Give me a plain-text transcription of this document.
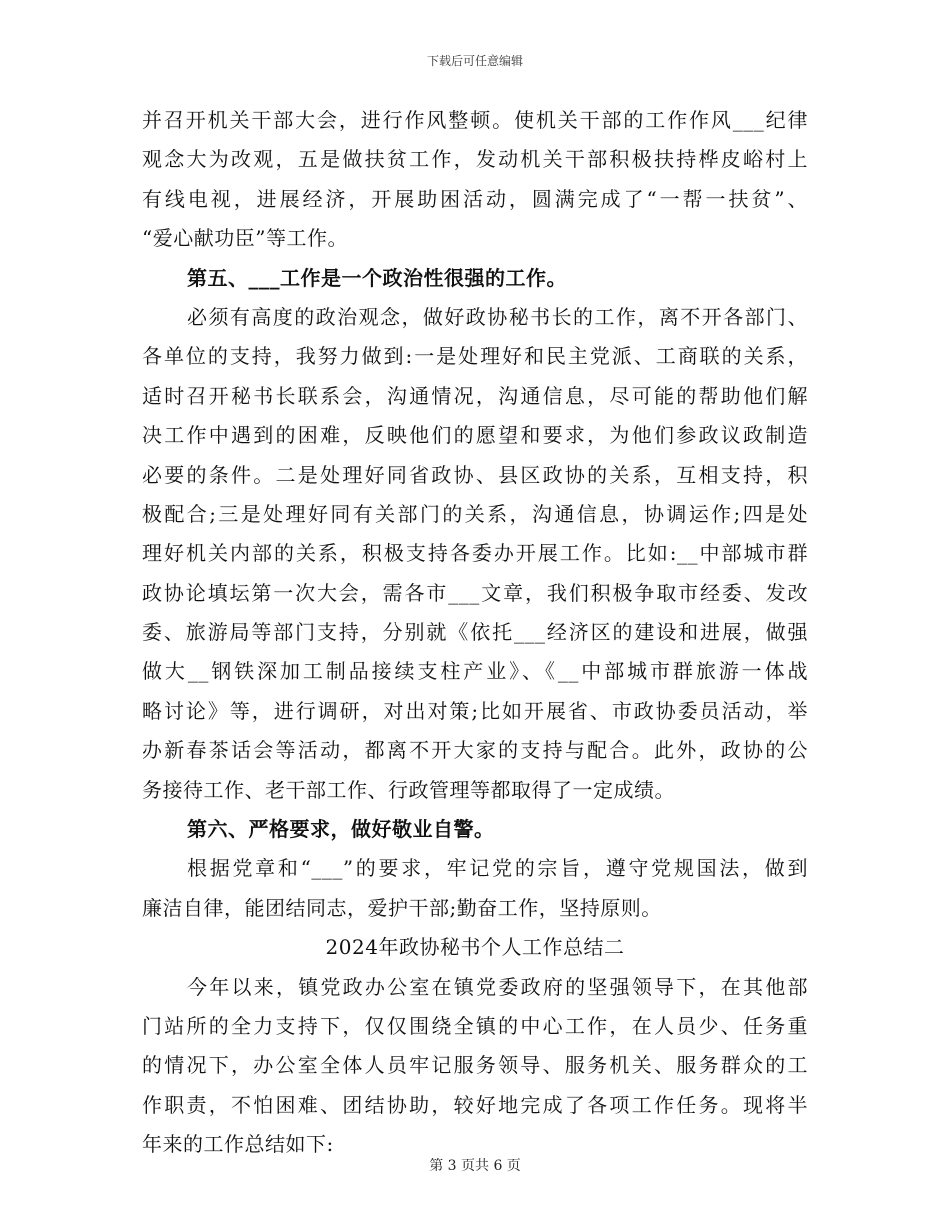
下载后可任意编辑
并召开机关干部大会，进行作风整顿。使机关干部的工作作风___纪律
观念大为改观，五是做扶贫工作，发动机关干部积极扶持桦皮峪村上
有线电视，进展经济，开展助困活动，圆满完成了“一帮一扶贫”、
“爱心献功臣”等工作。
第五、___工作是一个政治性很强的工作。
必须有高度的政治观念，做好政协秘书长的工作，离不开各部门、
各单位的支持，我努力做到:一是处理好和民主党派、工商联的关系，
适时召开秘书长联系会，沟通情况，沟通信息，尽可能的帮助他们解
决工作中遇到的困难，反映他们的愿望和要求，为他们参政议政制造
必要的条件。二是处理好同省政协、县区政协的关系，互相支持，积
极配合;三是处理好同有关部门的关系，沟通信息，协调运作;四是处
理好机关内部的关系，积极支持各委办开展工作。比如:__中部城市群
政协论填坛第一次大会，需各市___文章，我们积极争取市经委、发改
委、旅游局等部门支持，分别就《依托___经济区的建设和进展，做强
做大__钢铁深加工制品接续支柱产业》、《__中部城市群旅游一体战
略讨论》等，进行调研，对出对策;比如开展省、市政协委员活动，举
办新春茶话会等活动，都离不开大家的支持与配合。此外，政协的公
务接待工作、老干部工作、行政管理等都取得了一定成绩。
第六、严格要求，做好敬业自警。
根据党章和“___”的要求，牢记党的宗旨，遵守党规国法，做到
廉洁自律，能团结同志，爱护干部;勤奋工作，坚持原则。
2024年政协秘书个人工作总结二
今年以来，镇党政办公室在镇党委政府的坚强领导下，在其他部
门站所的全力支持下，仅仅围绕全镇的中心工作，在人员少、任务重
的情况下，办公室全体人员牢记服务领导、服务机关、服务群众的工
作职责，不怕困难、团结协助，较好地完成了各项工作任务。现将半
年来的工作总结如下:
第 3 页共 6 页
